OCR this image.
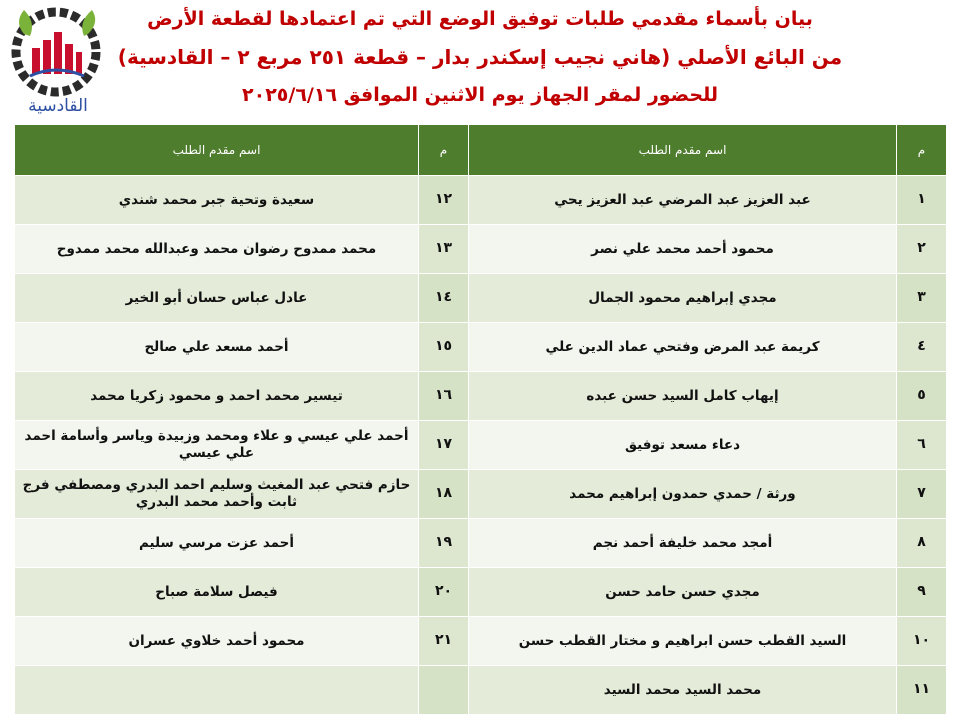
القادسية
بيان بأسماء مقدمي طلبات توفيق الوضع التي تم اعتمادها لقطعة الأرض
من البائع الأصلي (هاني نجيب إسكندر بدار – قطعة ٢٥١ مربع ٢ – القادسية)
للحضور لمقر الجهاز يوم الاثنين الموافق ٢٠٢٥/٦/١٦
م	اسم مقدم الطلب	م	اسم مقدم الطلب
١	عبد العزيز عبد المرضي عبد العزيز يحي	١٢	سعيدة وتحية جبر محمد شندي
٢	محمود أحمد محمد علي نصر	١٣	محمد ممدوح رضوان محمد وعبدالله محمد ممدوح
٣	مجدي إبراهيم محمود الجمال	١٤	عادل عباس حسان أبو الخير
٤	كريمة عبد المرض وفتحي عماد الدين علي	١٥	أحمد مسعد علي صالح
٥	إيهاب كامل السيد حسن عبده	١٦	تيسير محمد احمد و محمود زكريا محمد
٦	دعاء مسعد توفيق	١٧	أحمد علي عيسي و علاء ومحمد وزبيدة وياسر وأسامة احمد علي عيسي
٧	ورثة / حمدي حمدون إبراهيم محمد	١٨	حازم فتحي عبد المغيث وسليم احمد البدري ومصطفي فرج ثابت وأحمد محمد البدري
٨	أمجد محمد خليفة أحمد نجم	١٩	أحمد عزت مرسي سليم
٩	مجدي حسن حامد حسن	٢٠	فيصل سلامة صباح
١٠	السيد القطب حسن ابراهيم و مختار القطب حسن	٢١	محمود أحمد خلاوي عسران
١١	محمد السيد محمد السيد		
